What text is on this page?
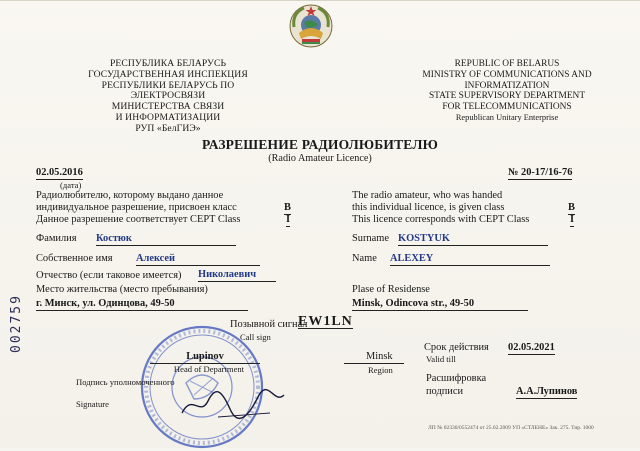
РЕСПУБЛИКА БЕЛАРУСЬ
ГОСУДАРСТВЕННАЯ ИНСПЕКЦИЯ
РЕСПУБЛИКИ БЕЛАРУСЬ ПО ЭЛЕКТРОСВЯЗИ
МИНИСТЕРСТВА СВЯЗИ
И ИНФОРМАТИЗАЦИИ
РУП «БелГИЭ»
REPUBLIC OF BELARUS
MINISTRY OF COMMUNICATIONS AND
INFORMATIZATION
STATE SUPERVISORY DEPARTMENT
FOR TELECOMMUNICATIONS
Republican Unitary Enterprise
РАЗРЕШЕНИЕ РАДИОЛЮБИТЕЛЮ
(Radio Amateur Licence)
02.05.2016
(дата)
№ 20-17/16-76
Радиолюбителю, которому выдано данное
индивидуальное разрешение, присвоен класс	B
Данное разрешение соответствует CEPT Class	I
Фамилия Костюк
Собственное имя Алексей
Отчество (если таковое имеется) Николаевич
Место жительства (место пребывания)
г. Минск, ул. Одинцова, 49-50
The radio amateur, who was handed
this individual licence, is given class	B
This licence corresponds with CEPT Class	I
Surname KOSTYUK
Name ALEXEY
Plase of Residense
Minsk, Odincova str., 49-50
002759	Позывной сигнал
Call sign
EW1LN
Срок действия 02.05.2021
Valid till
Lupinov
Head of Department
Minsk
Region
Подпись уполномоченного
Signature
Расшифровка
подписи	А.А.Лупинов
ЛП № 02330/0552474 от 25.02.2009 УП «СТЛЕНЕ» Зак. 275. Тир. 1000
